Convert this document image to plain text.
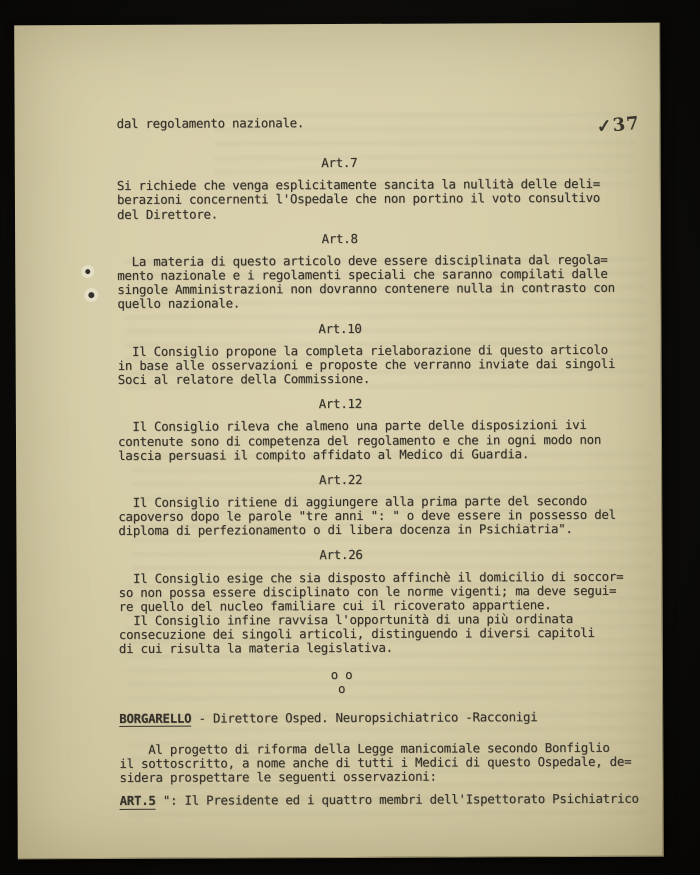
✓37
dal regolamento nazionale.
Art.7
Si richiede che venga esplicitamente sancita la nullità delle deli=
berazioni concernenti l'Ospedale che non portino il voto consultivo
del Direttore.
Art.8
La materia di questo articolo deve essere disciplinata dal regola=
mento nazionale e i regolamenti speciali che saranno compilati dalle
singole Amministrazioni non dovranno contenere nulla in contrasto con
quello nazionale.
Art.10
Il Consiglio propone la completa rielaborazione di questo articolo
in base alle osservazioni e proposte che verranno inviate dai singoli
Soci al relatore della Commissione.
Art.12
Il Consiglio rileva che almeno una parte delle disposizioni ivi
contenute sono di competenza del regolamento e che in ogni modo non
lascia persuasi il compito affidato al Medico di Guardia.
Art.22
Il Consiglio ritiene di aggiungere alla prima parte del secondo
capoverso dopo le parole "tre anni ": " o deve essere in possesso del
diploma di perfezionamento o di libera docenza in Psichiatria".
Art.26
Il Consiglio esige che sia disposto affinchè il domicilio di soccor=
so non possa essere disciplinato con le norme vigenti; ma deve segui=
re quello del nucleo familiare cui il ricoverato appartiene.
Il Consiglio infine ravvisa l'opportunità di una più ordinata
consecuzione dei singoli articoli, distinguendo i diversi capitoli
di cui risulta la materia legislativa.
o o
o
BORGARELLO - Direttore Osped. Neuropsichiatrico -Racconigi
Al progetto di riforma della Legge manicomiale secondo Bonfiglio
il sottoscritto, a nome anche di tutti i Medici di questo Ospedale, de=
sidera prospettare le seguenti osservazioni:
ART.5 ": Il Presidente ed i quattro membri dell'Ispettorato Psichiatrico
